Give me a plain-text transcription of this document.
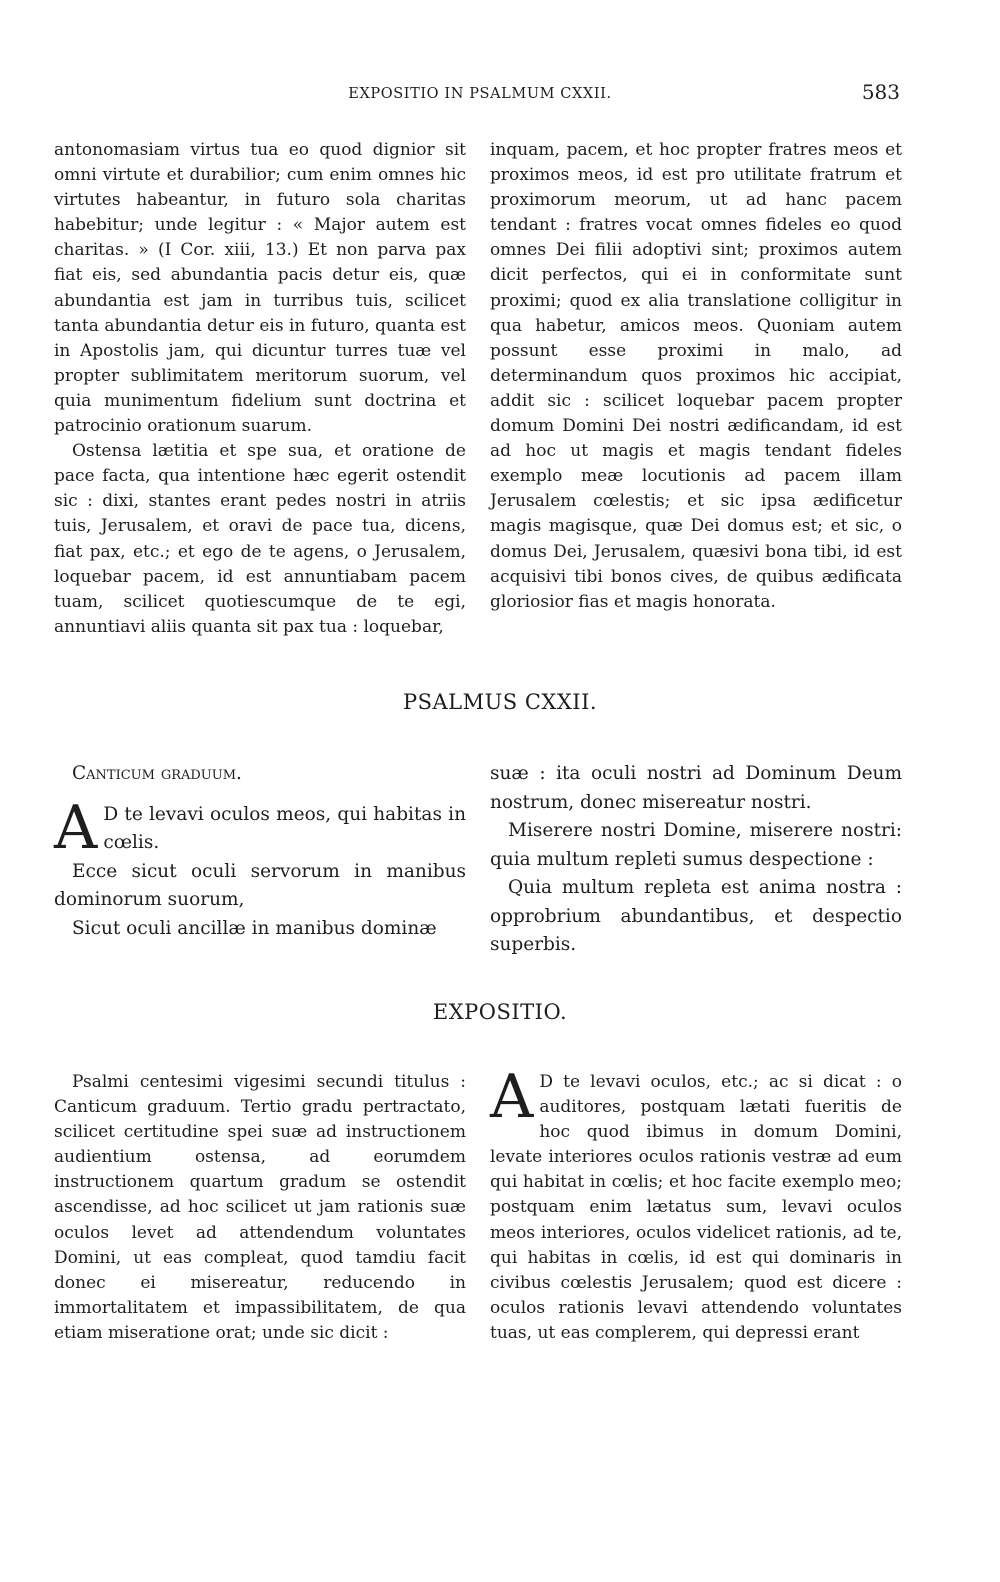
EXPOSITIO IN PSALMUM CXXII.	583

antonomasiam virtus tua eo quod dignior sit omni virtute et durabilior; cum enim omnes hic virtutes habeantur, in futuro sola charitas habebitur; unde legitur : « Major autem est charitas. » (I Cor. xiii, 13.) Et non parva pax fiat eis, sed abundantia pacis detur eis, quæ abundantia est jam in turribus tuis, scilicet tanta abundantia detur eis in futuro, quanta est in Apostolis jam, qui dicuntur turres tuæ vel propter sublimitatem meritorum suorum, vel quia munimentum fidelium sunt doctrina et patrocinio orationum suarum.

Ostensa lætitia et spe sua, et oratione de pace facta, qua intentione hæc egerit ostendit sic : dixi, stantes erant pedes nostri in atriis tuis, Jerusalem, et oravi de pace tua, dicens, fiat pax, etc.; et ego de te agens, o Jerusalem, loquebar pacem, id est annuntiabam pacem tuam, scilicet quotiescumque de te egi, annuntiavi aliis quanta sit pax tua : loquebar,

inquam, pacem, et hoc propter fratres meos et proximos meos, id est pro utilitate fratrum et proximorum meorum, ut ad hanc pacem tendant : fratres vocat omnes fideles eo quod omnes Dei filii adoptivi sint; proximos autem dicit perfectos, qui ei in conformitate sunt proximi; quod ex alia translatione colligitur in qua habetur, amicos meos. Quoniam autem possunt esse proximi in malo, ad determinandum quos proximos hic accipiat, addit sic : scilicet loquebar pacem propter domum Domini Dei nostri ædificandam, id est ad hoc ut magis et magis tendant fideles exemplo meæ locutionis ad pacem illam Jerusalem cœlestis; et sic ipsa ædificetur magis magisque, quæ Dei domus est; et sic, o domus Dei, Jerusalem, quæsivi bona tibi, id est acquisivi tibi bonos cives, de quibus ædificata gloriosior fias et magis honorata.

PSALMUS CXXII.

Canticum graduum.

A D te levavi oculos meos, qui habitas in cœlis.

Ecce sicut oculi servorum in manibus dominorum suorum,

Sicut oculi ancillæ in manibus dominæ

suæ : ita oculi nostri ad Dominum Deum nostrum, donec misereatur nostri.

Miserere nostri Domine, miserere nostri: quia multum repleti sumus despectione :

Quia multum repleta est anima nostra : opprobrium abundantibus, et despectio superbis.

EXPOSITIO.

Psalmi centesimi vigesimi secundi titulus : Canticum graduum. Tertio gradu pertractato, scilicet certitudine spei suæ ad instructionem audientium ostensa, ad eorumdem instructionem quartum gradum se ostendit ascendisse, ad hoc scilicet ut jam rationis suæ oculos levet ad attendendum voluntates Domini, ut eas compleat, quod tamdiu facit donec ei misereatur, reducendo in immortalitatem et impassibilitatem, de qua etiam miseratione orat; unde sic dicit :

A D te levavi oculos, etc.; ac si dicat : o auditores, postquam lætati fueritis de hoc quod ibimus in domum Domini, levate interiores oculos rationis vestræ ad eum qui habitat in cœlis; et hoc facite exemplo meo; postquam enim lætatus sum, levavi oculos meos interiores, oculos videlicet rationis, ad te, qui habitas in cœlis, id est qui dominaris in civibus cœlestis Jerusalem; quod est dicere : oculos rationis levavi attendendo voluntates tuas, ut eas complerem, qui depressi erant
